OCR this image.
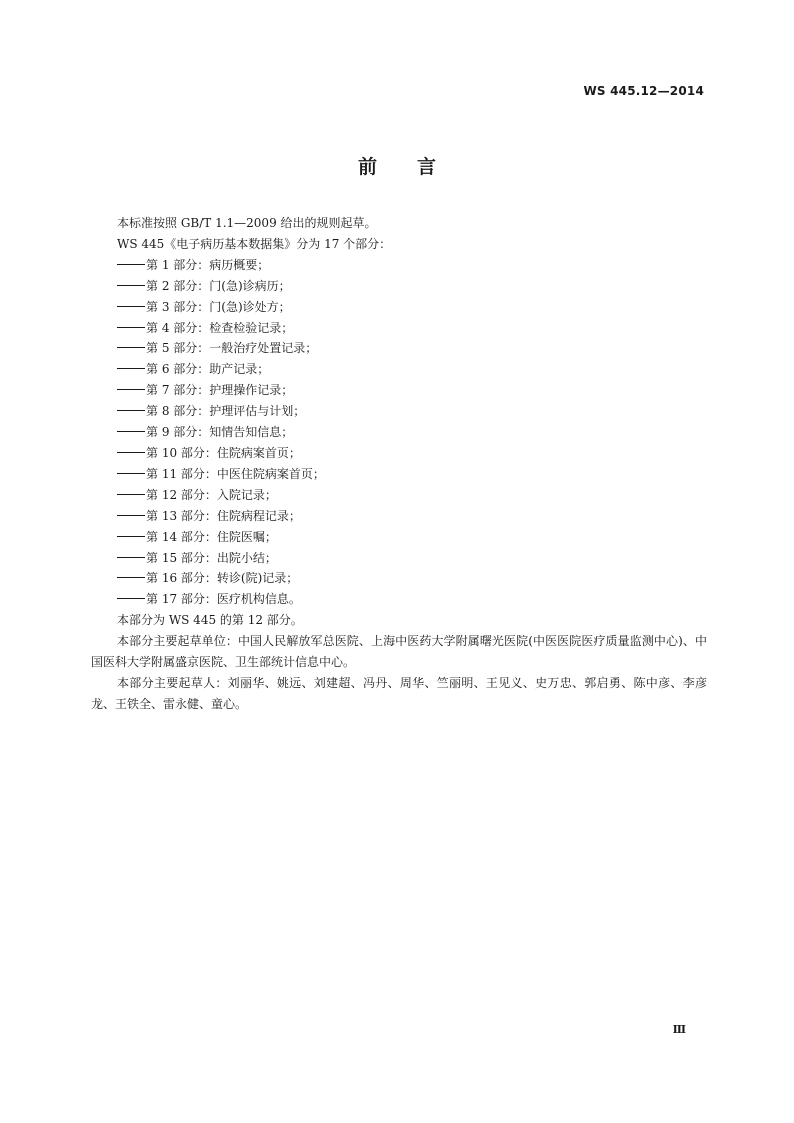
WS 445.12—2014
前言

本标准按照 GB/T 1.1—2009 给出的规则起草。

WS 445《电子病历基本数据集》分为 17 个部分：

第 1 部分：病历概要；

第 2 部分：门(急)诊病历；

第 3 部分：门(急)诊处方；

第 4 部分：检查检验记录；

第 5 部分：一般治疗处置记录；

第 6 部分：助产记录；

第 7 部分：护理操作记录；

第 8 部分：护理评估与计划；

第 9 部分：知情告知信息；

第 10 部分：住院病案首页；

第 11 部分：中医住院病案首页；

第 12 部分：入院记录；

第 13 部分：住院病程记录；

第 14 部分：住院医嘱；

第 15 部分：出院小结；

第 16 部分：转诊(院)记录；

第 17 部分：医疗机构信息。

本部分为 WS 445 的第 12 部分。

本部分主要起草单位：中国人民解放军总医院、上海中医药大学附属曙光医院(中医医院医疗质量监测中心)、中国医科大学附属盛京医院、卫生部统计信息中心。

本部分主要起草人：刘丽华、姚远、刘建超、冯丹、周华、竺丽明、王见义、史万忠、郭启勇、陈中彦、李彦龙、王铁全、雷永健、童心。

Ⅲ
